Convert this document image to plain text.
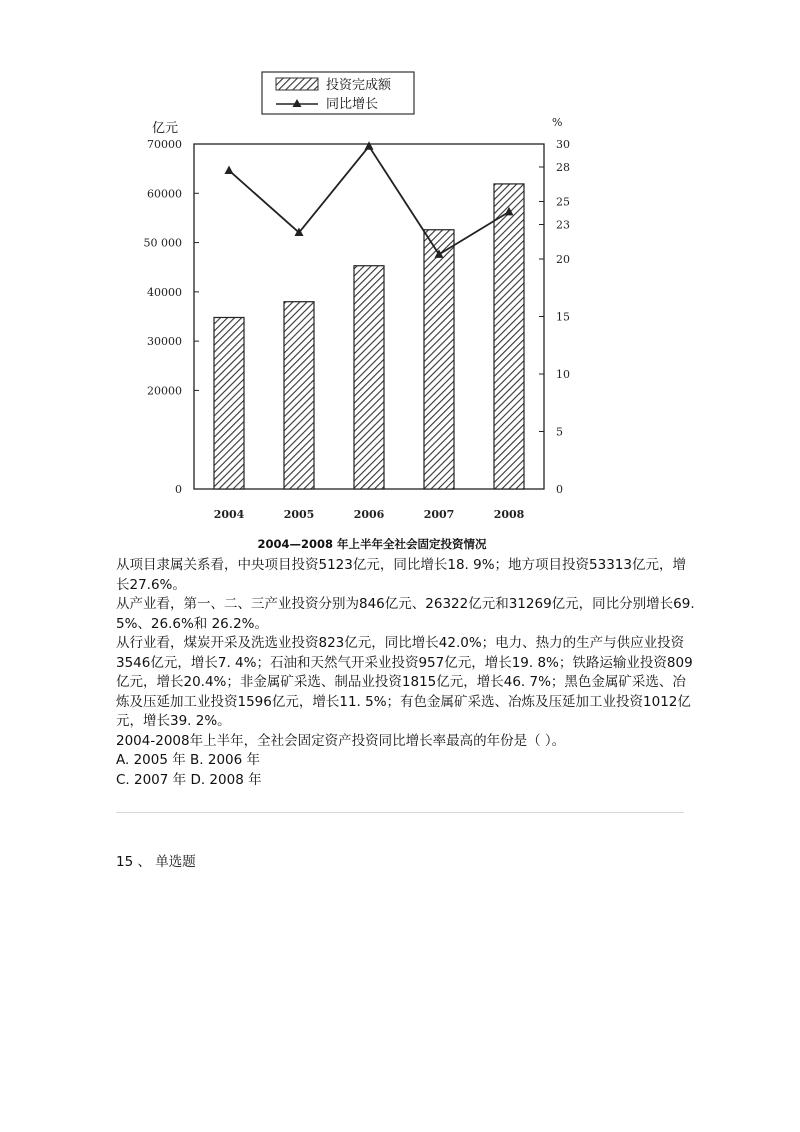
投资完成额
同比增长
亿元	%
0
20000
30000
40000
50 000
60000
70000
0
5
10
15
20
23
25
28
30
2004	2005	2006	2007	2008
2004—2008 年上半年全社会固定投资情况

从项目隶属关系看，中央项目投资5123亿元，同比增长18. 9%；地方项目投资53313亿元，增长27.6%。

从产业看，第一、二、三产业投资分别为846亿元、26322亿元和31269亿元，同比分别增长69. 5%、26.6%和 26.2%。

从行业看，煤炭开采及洗选业投资823亿元，同比增长42.0%；电力、热力的生产与供应业投资3546亿元，增长7. 4%；石油和天然气开采业投资957亿元，增长19. 8%；铁路运输业投资809亿元，增长20.4%；非金属矿采选、制品业投资1815亿元，增长46. 7%；黑色金属矿采选、冶炼及压延加工业投资1596亿元，增长11. 5%；有色金属矿采选、冶炼及压延加工业投资1012亿元，增长39. 2%。

2004-2008年上半年，全社会固定资产投资同比增长率最高的年份是（ ）。

A. 2005 年 B. 2006 年

C. 2007 年 D. 2008 年

15 、 单选题
